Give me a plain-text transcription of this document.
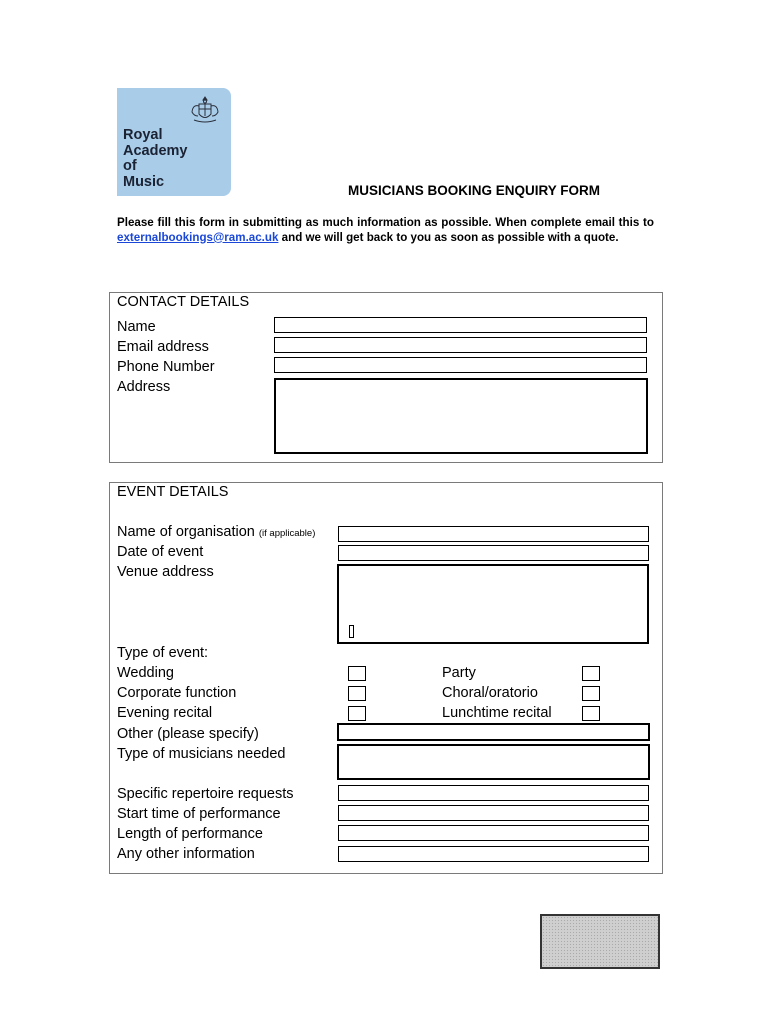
Royal
Academy
of
Music
MUSICIANS BOOKING ENQUIRY FORM
Please fill this form in submitting as much information as possible. When complete email this to externalbookings@ram.ac.uk and we will get back to you as soon as possible with a quote.
CONTACT DETAILS
Name
Email address
Phone Number
Address
EVENT DETAILS
Name of organisation (if applicable)
Date of event
Venue address
Type of event:
Wedding
Corporate function
Evening recital
Party
Choral/oratorio
Lunchtime recital
Other (please specify)
Type of musicians needed
Specific repertoire requests
Start time of performance
Length of performance
Any other information
